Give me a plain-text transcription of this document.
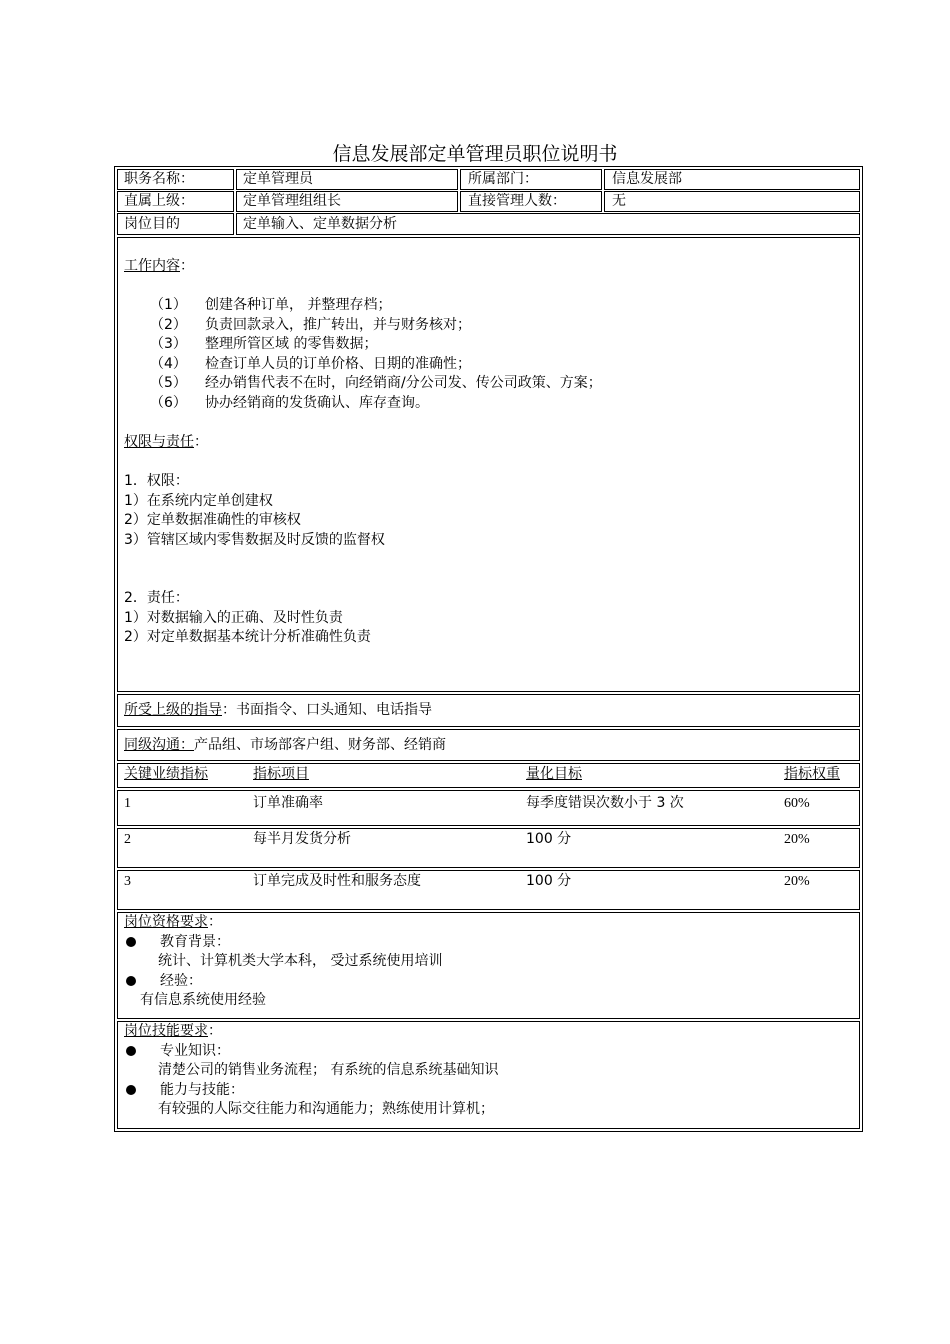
信息发展部定单管理员职位说明书
职务名称：	定单管理员	所属部门：	信息发展部
直属上级：	定单管理组组长	直接管理人数：	无
岗位目的	定单输入、定单数据分析
工作内容：
（1） 创建各种订单， 并整理存档；
（2） 负责回款录入，推广转出，并与财务核对；
（3） 整理所管区域 的零售数据；
（4） 检查订单人员的订单价格、日期的准确性；
（5） 经办销售代表不在时，向经销商/分公司发、传公司政策、方案；
（6） 协办经销商的发货确认、库存查询。
权限与责任：
1．权限：
1）在系统内定单创建权
2）定单数据准确性的审核权
3）管辖区域内零售数据及时反馈的监督权
2．责任：
1）对数据输入的正确、及时性负责
2）对定单数据基本统计分析准确性负责
所受上级的指导：书面指令、口头通知、电话指导
同级沟通：产品组、市场部客户组、财务部、经销商
关键业绩指标	指标项目	量化目标	指标权重
1	订单准确率	每季度错误次数小于 3 次	60%
2	每半月发货分析	100 分	20%
3	订单完成及时性和服务态度	100 分	20%
岗位资格要求：
教育背景：
统计、计算机类大学本科， 受过系统使用培训
经验：
有信息系统使用经验
岗位技能要求：
专业知识：
清楚公司的销售业务流程； 有系统的信息系统基础知识
能力与技能：
有较强的人际交往能力和沟通能力；熟练使用计算机；
